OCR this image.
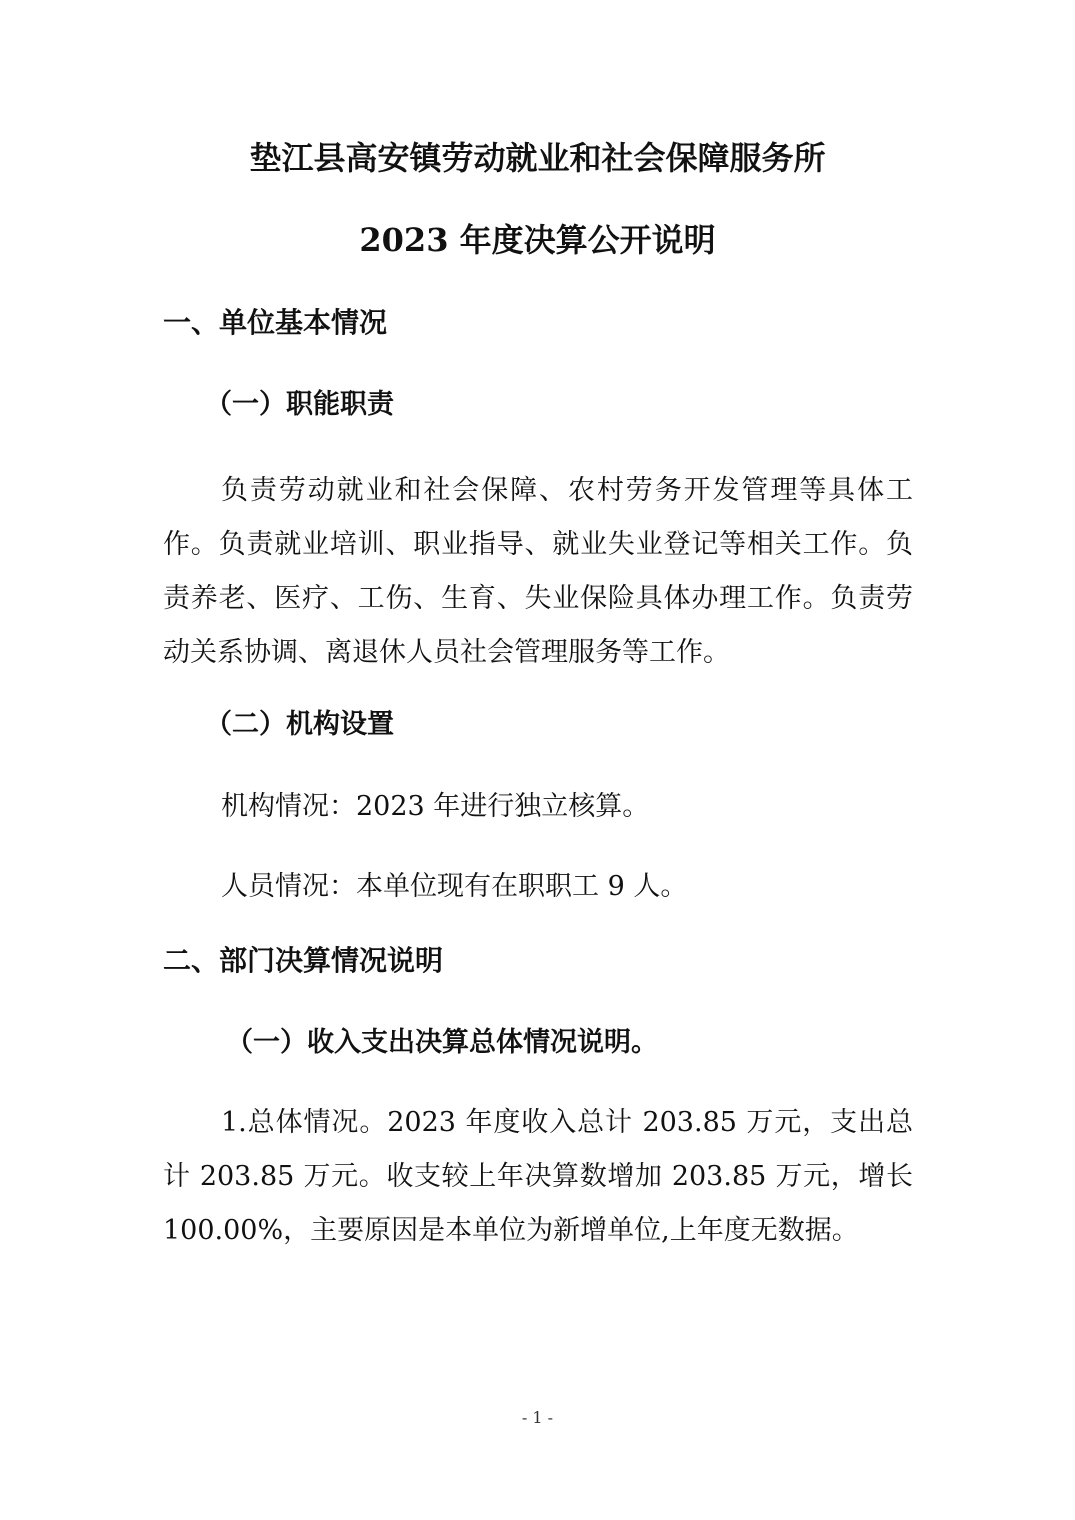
垫江县高安镇劳动就业和社会保障服务所
2023 年度决算公开说明
一、单位基本情况
（一）职能职责
负责劳动就业和社会保障、农村劳务开发管理等具体工作。负责就业培训、职业指导、就业失业登记等相关工作。负责养老、医疗、工伤、生育、失业保险具体办理工作。负责劳动关系协调、离退休人员社会管理服务等工作。
（二）机构设置
机构情况：2023 年进行独立核算。
人员情况：本单位现有在职职工 9 人。
二、部门决算情况说明
（一）收入支出决算总体情况说明。
1.总体情况。2023 年度收入总计 203.85 万元，支出总计 203.85 万元。收支较上年决算数增加 203.85 万元，增长 100.00%，主要原因是本单位为新增单位,上年度无数据。
- 1 -
